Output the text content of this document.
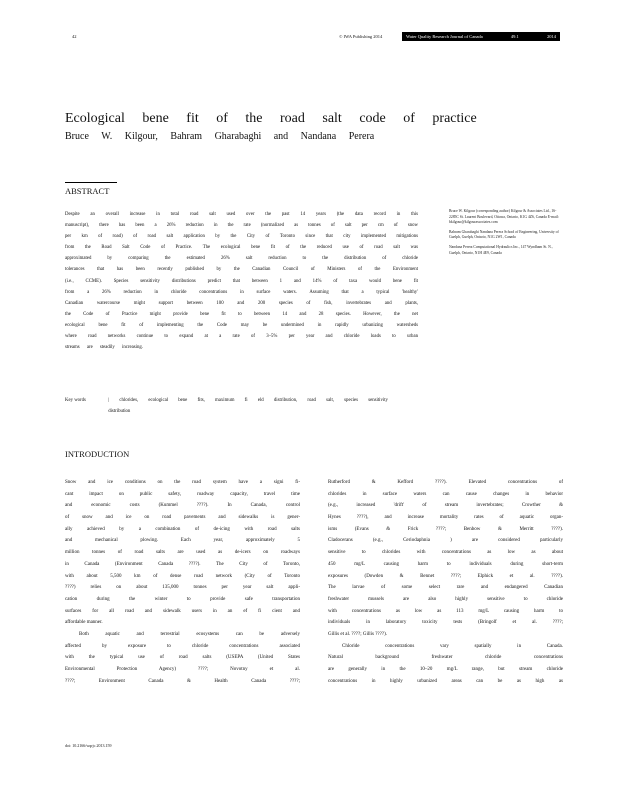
42	© IWA Publishing 2014	Water Quality Research Journal of Canada	49.1	2014
Ecological bene fit of the road salt code of practice
Bruce W. Kilgour, Bahram Gharabaghi and Nandana Perera
ABSTRACT
Despite an overall increase in total road salt used over the past 14 years (the data record in this
manuscript), there has been a 26% reduction in the rate (normalized as tonnes of salt per cm of snow
per km of road) of road salt application by the City of Toronto since that city implemented mitigations
from the Road Salt Code of Practice. The ecological bene fit of the reduced use of road salt was
approximated by comparing the estimated 26% salt reduction to the distribution of chloride
tolerances that has been recently published by the Canadian Council of Ministers of the Environment
(i.e., CCME). Species sensitivity distributions predict that between 1 and 14% of taxa would bene fit
from a 26% reduction in chloride concentrations in surface waters. Assuming that a typical 'healthy'
Canadian watercourse might support between 100 and 200 species of fish, invertebrates and plants,
the Code of Practice might provide bene fit to between 14 and 28 species. However, the net
ecological bene fit of implementing the Code may be undermined in rapidly urbanizing watersheds
where road networks continue to expand at a rate of 3–5% per year and chloride loads to urban
streams are steadily increasing.
Key words	| chlorides, ecological bene fits, maximum fi eld distribution, road salt, species sensitivity distribution

Bruce W. Kilgour (corresponding author) Kilgour & Associates Ltd., 16-2285C St. Laurent Boulevard, Ottawa, Ontario, K1G 4Z6, Canada E-mail: bkilgour@kilgourassociates.com

Bahram Gharabaghi Nandana Perera School of Engineering, University of Guelph, Guelph, Ontario, N1G 2W1, Canada

Nandana Perera Computational Hydraulics Inc., 147 Wyndham St. N., Guelph, Ontario, N1H 4E9, Canada

INTRODUCTION
Snow and ice conditions on the road system have a signi fi-
cant impact on public safety, roadway capacity, travel time
and economic costs (Kummel ????). In Canada, control
of snow and ice on road pavements and sidewalks is gener-
ally achieved by a combination of de-icing with road salts
and mechanical plowing. Each year, approximately 5
million tonnes of road salts are used as de-icers on roadways
in Canada (Environment Canada ????). The City of Toronto,
with about 5,500 km of dense road network (City of Toronto
????) relies on about 135,000 tonnes per year salt appli-
cation during the winter to provide safe transportation
surfaces for all road and sidewalk users in an ef fi cient and
affordable manner.
Both aquatic and terrestrial ecosystems can be adversely
affected by exposure to chloride concentrations associated
with the typical use of road salts (USEPA (United States
Environmental Protection Agency) ????; Novotny et al.
????; Environment Canada & Health Canada ????;
Rutherford & Kefford ????). Elevated concentrations of
chlorides in surface waters can cause changes in behavior
(e.g., increased 'drift' of stream invertebrates; Crowther &
Hynes ????), and increase mortality rates of aquatic organ-
isms (Evans & Frick ????; Benbow & Merritt ????).
Cladocerans (e.g., Ceriodaphnia ) are considered particularly
sensitive to chlorides with concentrations as low as about
450 mg/L causing harm to individuals during short-term
exposures (Dowden & Bennet ????; Elphick et al. ????).
The larvae of some select rare and endangered Canadian
freshwater mussels are also highly sensitive to chloride
with concentrations as low as 113 mg/L causing harm to
individuals in laboratory toxicity tests (Bringolf et al. ????;
Gillis et al. ????; Gillis ????).
Chloride concentrations vary spatially in Canada.
Natural background freshwater chloride concentrations
are generally in the 10–20 mg/L range, but stream chloride
concentrations in highly urbanized areas can be as high as
doi: 10.2166/wqrjc.2013.159
